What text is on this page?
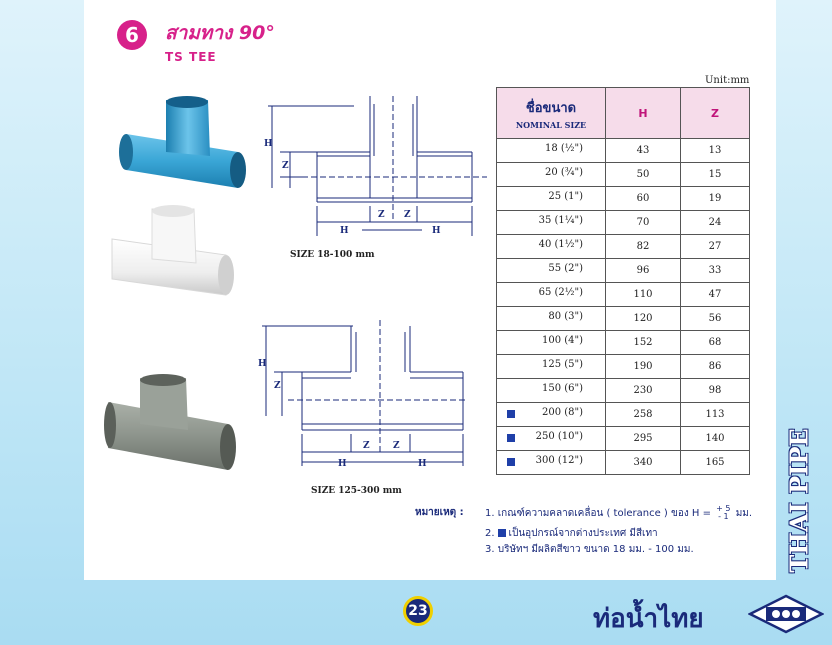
6	สามทาง 90°
TS TEE
H
Z
H	H
Z Z
SIZE 18-100 mm
H
Z
H	H
Z	Z
SIZE 125-300 mm
Unit:mm
ชื่อขนาด
NOMINAL SIZE	H	Z

18 (½")	43	13

20 (¾")	50	15

25 (1")	60	19

35 (1¼")	70	24

40 (1½")	82	27

55 (2")	96	33

65 (2½")	110	47

80 (3")	120	56

100 (4")	152	68

125 (5")	190	86

150 (6")	230	98

200 (8")	258	113

250 (10")	295	140

300 (12")	340	165
หมายเหตุ : 1. เกณฑ์ความคลาดเคลื่อน ( tolerance ) ของ H = + 5
- 1 มม.
2. เป็นอุปกรณ์จากต่างประเทศ มีสีเทา
3. บริษัทฯ มีผลิตสีขาว ขนาด 18 มม. - 100 มม.
23	ท่อน้ำไทย
THAI PIPE
